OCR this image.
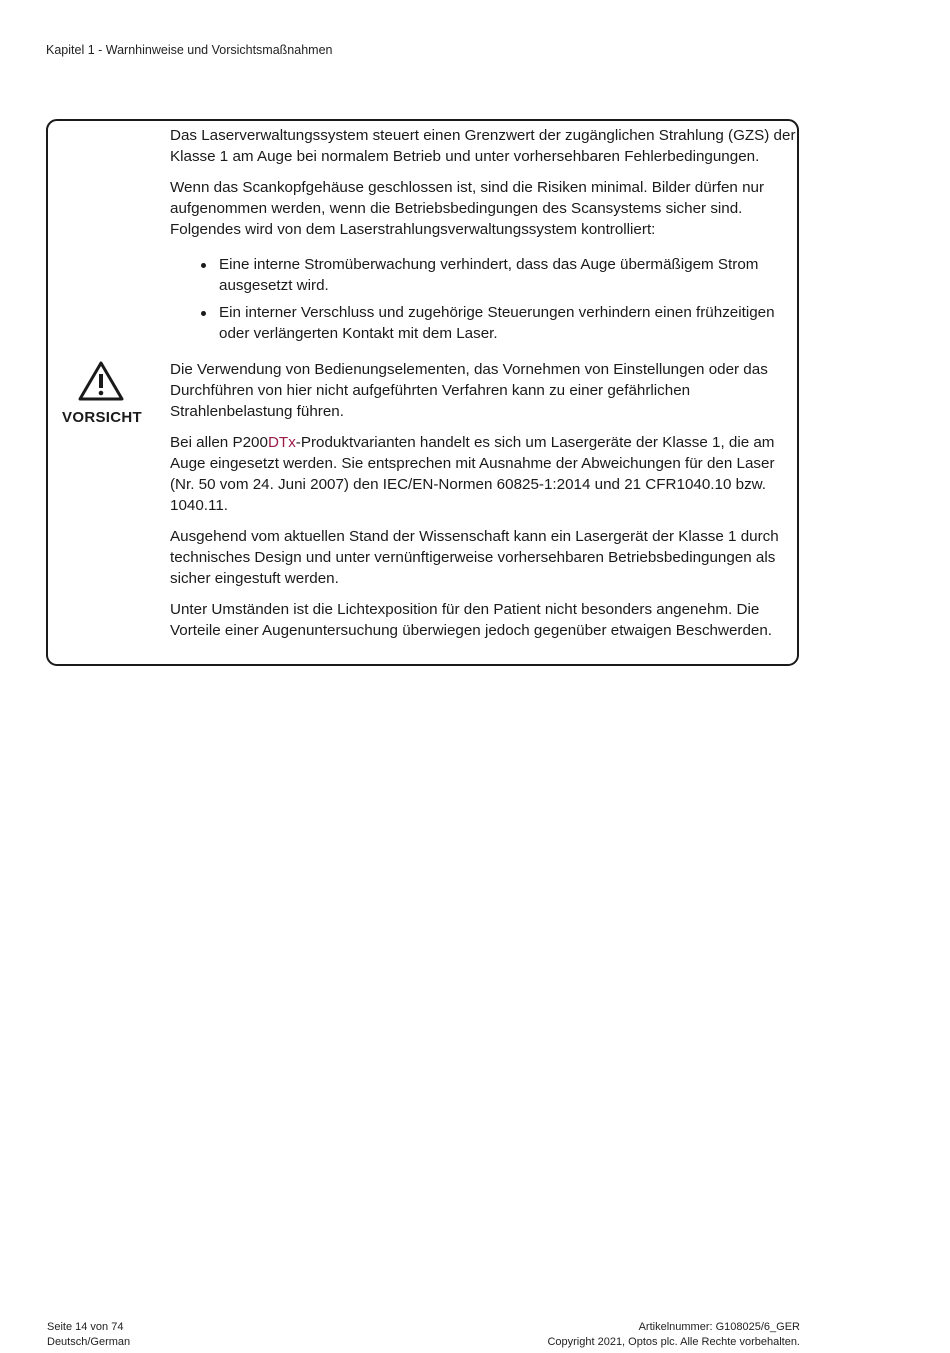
Kapitel 1 - Warnhinweise und Vorsichtsmaßnahmen
VORSICHT

Das Laserverwaltungssystem steuert einen Grenzwert der zugänglichen Strahlung (GZS) der Klasse 1 am Auge bei normalem Betrieb und unter vorhersehbaren Fehlerbedingungen.

Wenn das Scankopfgehäuse geschlossen ist, sind die Risiken minimal. Bilder dürfen nur aufgenommen werden, wenn die Betriebsbedingungen des Scansystems sicher sind. Folgendes wird von dem Laserstrahlungsverwaltungssystem kontrolliert:

Eine interne Stromüberwachung verhindert, dass das Auge übermäßigem Strom ausgesetzt wird.
Ein interner Verschluss und zugehörige Steuerungen verhindern einen frühzeitigen oder verlängerten Kontakt mit dem Laser.

Die Verwendung von Bedienungselementen, das Vornehmen von Einstellungen oder das Durchführen von hier nicht aufgeführten Verfahren kann zu einer gefährlichen Strahlenbelastung führen.

Bei allen P200DTx-Produktvarianten handelt es sich um Lasergeräte der Klasse 1, die am Auge eingesetzt werden. Sie entsprechen mit Ausnahme der Abweichungen für den Laser (Nr. 50 vom 24. Juni 2007) den IEC/EN-Normen 60825-1:2014 und 21 CFR1040.10 bzw. 1040.11.

Ausgehend vom aktuellen Stand der Wissenschaft kann ein Lasergerät der Klasse 1 durch technisches Design und unter vernünftigerweise vorhersehbaren Betriebsbedingungen als sicher eingestuft werden.

Unter Umständen ist die Lichtexposition für den Patient nicht besonders angenehm. Die Vorteile einer Augenuntersuchung überwiegen jedoch gegenüber etwaigen Beschwerden.

Seite 14 von 74
Deutsch/German
Artikelnummer: G108025/6_GER
Copyright 2021, Optos plc. Alle Rechte vorbehalten.
